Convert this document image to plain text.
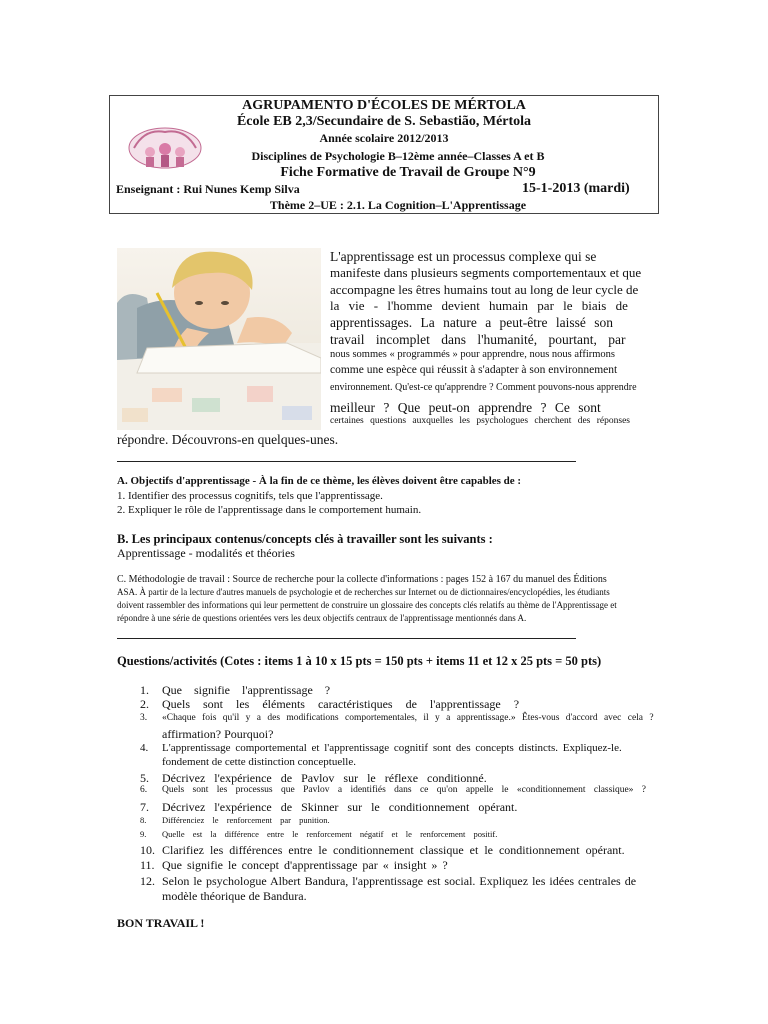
AGRUPAMENTO D'ÉCOLES DE MÉRTOLA
École EB 2,3/Secundaire de S. Sebastião, Mértola
Année scolaire 2012/2013
Disciplines de Psychologie B–12ème année–Classes A et B
Fiche Formative de Travail de Groupe N°9
Enseignant : Rui Nunes Kemp Silva	15-1-2013 (mardi)
Thème 2–UE : 2.1. La Cognition–L'Apprentissage
L'apprentissage est un processus complexe qui se
manifeste dans plusieurs segments comportementaux et que
accompagne les êtres humains tout au long de leur cycle de
la vie - l'homme devient humain par le biais de
apprentissages. La nature a peut-être laissé son
travail incomplet dans l'humanité, pourtant, par
nous sommes « programmés » pour apprendre, nous nous affirmons
comme une espèce qui réussit à s'adapter à son environnement
environnement. Qu'est-ce qu'apprendre ? Comment pouvons-nous apprendre
meilleur ? Que peut-on apprendre ? Ce sont
certaines questions auxquelles les psychologues cherchent des réponses
répondre. Découvrons-en quelques-unes.
A. Objectifs d'apprentissage - À la fin de ce thème, les élèves doivent être capables de :
1. Identifier des processus cognitifs, tels que l'apprentissage.
2. Expliquer le rôle de l'apprentissage dans le comportement humain.
B. Les principaux contenus/concepts clés à travailler sont les suivants :
Apprentissage - modalités et théories
C. Méthodologie de travail : Source de recherche pour la collecte d'informations : pages 152 à 167 du manuel des Éditions
ASA. À partir de la lecture d'autres manuels de psychologie et de recherches sur Internet ou de dictionnaires/encyclopédies, les étudiants
doivent rassembler des informations qui leur permettent de construire un glossaire des concepts clés relatifs au thème de l'Apprentissage et
répondre à une série de questions orientées vers les deux objectifs centraux de l'apprentissage mentionnés dans A.
Questions/activités (Cotes : items 1 à 10 x 15 pts = 150 pts + items 11 et 12 x 25 pts = 50 pts)
1. Que signifie l'apprentissage ?
2. Quels sont les éléments caractéristiques de l'apprentissage ?
3. «Chaque fois qu'il y a des modifications comportementales, il y a apprentissage.» Êtes-vous d'accord avec cela ?
affirmation? Pourquoi?
4. L'apprentissage comportemental et l'apprentissage cognitif sont des concepts distincts. Expliquez-le.
fondement de cette distinction conceptuelle.
5. Décrivez l'expérience de Pavlov sur le réflexe conditionné.
6. Quels sont les processus que Pavlov a identifiés dans ce qu'on appelle le «conditionnement classique» ?
7. Décrivez l'expérience de Skinner sur le conditionnement opérant.
8. Différenciez le renforcement par punition.
9. Quelle est la différence entre le renforcement négatif et le renforcement positif.
10. Clarifiez les différences entre le conditionnement classique et le conditionnement opérant.
11. Que signifie le concept d'apprentissage par « insight » ?
12. Selon le psychologue Albert Bandura, l'apprentissage est social. Expliquez les idées centrales de
modèle théorique de Bandura.
BON TRAVAIL !
